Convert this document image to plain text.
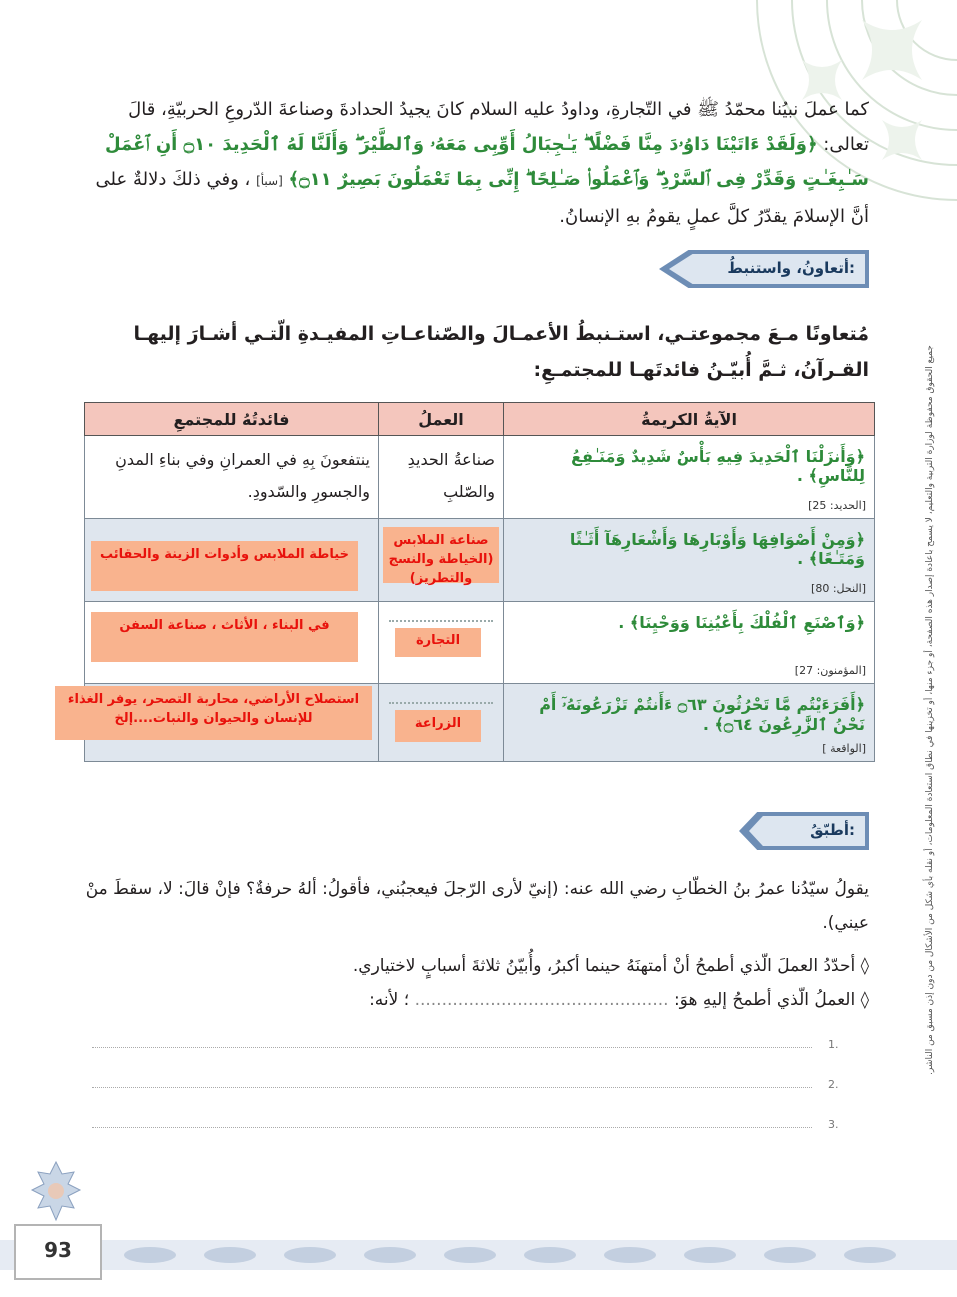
جميع الحقوق محفوظة لوزارة التربية والتعليم، لا يسمح باعادة إصدار هذه الصفحة، أو جزء منها، أو تخزينها في نطاق استعادة المعلومات، أو نقله بأي شكل من الأشكال من دون إذن مسبق من الناشر.
كما عملَ نبيُنا محمّدُ ﷺ في التّجارةِ، وداودُ عليه السلام كانَ يجيدُ الحدادةَ وصناعةَ الدّروعِ الحربيّةِ، قالَ تعالى: ﴿وَلَقَدْ ءَاتَيْنَا دَاوُۥدَ مِنَّا فَضْلًا ۖ يَـٰجِبَالُ أَوِّبِى مَعَهُۥ وَٱلطَّيْرَ ۖ وَأَلَنَّا لَهُ ٱلْحَدِيدَ ۝١٠ أَنِ ٱعْمَلْ سَـٰبِغَـٰتٍ وَقَدِّرْ فِى ٱلسَّرْدِ ۖ وَٱعْمَلُوا۟ صَـٰلِحًا ۖ إِنِّى بِمَا تَعْمَلُونَ بَصِيرٌ ۝١١﴾ [سبأ] ، وفي ذلكَ دلالةٌ على أنَّ الإسلامَ يقدّرُ كلَّ عملٍ يقومُ بهِ الإنسانُ.
أتعاونُ، واستنبطُ:
مُتعاونًا مـعَ مجموعتـي، استـنبطُ الأعمـالَ والصّناعـاتِ المفيـدةِ الّتـي أشـارَ إليهـا القـرآنُ، ثـمَّ أُبيّـنُ فائدتَهـا للمجتمـعِ:
الآيةُ الكريمةُ	العملُ	فائدتُهُ للمجتمعِ

﴿وَأَنزَلْنَا ٱلْحَدِيدَ فِيهِ بَأْسٌ شَدِيدٌ وَمَنَـٰفِعُ لِلنَّاسِ﴾ .
[الحديد: 25]	صناعةُ الحديدِ والصّلبِ	ينتفعونَ بِهِ في العمرانِ وفي بناءِ المدنِ والجسورِ والسّدودِ.

﴿وَمِنْ أَصْوَافِهَا وَأَوْبَارِهَا وَأَشْعَارِهَآ أَثَـٰثًا وَمَتَـٰعًا﴾ .
[النحل: 80]	صناعة الملابس (الخياطة والنسج والتطريز)	خياطة الملابس وأدوات الزينة والحقائب

﴿وَٱصْنَعِ ٱلْفُلْكَ بِأَعْيُنِنَا وَوَحْيِنَا﴾ .
[المؤمنون: 27]	التجارة	في البناء ، الأثاث ، صناعة السفن

﴿أَفَرَءَيْتُم مَّا تَحْرُثُونَ ۝٦٣ ءَأَنتُمْ تَزْرَعُونَهُۥٓ أَمْ نَحْنُ ٱلزَّٰرِعُونَ ۝٦٤﴾ .
[الواقعة ]	الزراعة	استصلاح الأراضي، محاربة التصحر، يوفر الغذاء للإنسان والحيوان والنبات....إلخ
أطبّقُ:
يقولُ سيّدُنا عمرُ بنُ الخطّابِ رضي الله عنه: (إنيّ لأرى الرّجلَ فيعجبُني، فأقولُ: ألهُ حرفةٌ؟ فإنْ قالَ: لا، سقطَ منْ عيني).
◊ أحدّدُ العملَ الّذي أطمحُ أنْ أمتهنَهُ حينما أكبرُ، وأُبيّنُ ثلاثةَ أسبابٍ لاختياري.
◊ العملُ الّذي أطمحُ إليهِ هوَ: ............................................... ؛ لأنه:
1.
2.
3.
93
